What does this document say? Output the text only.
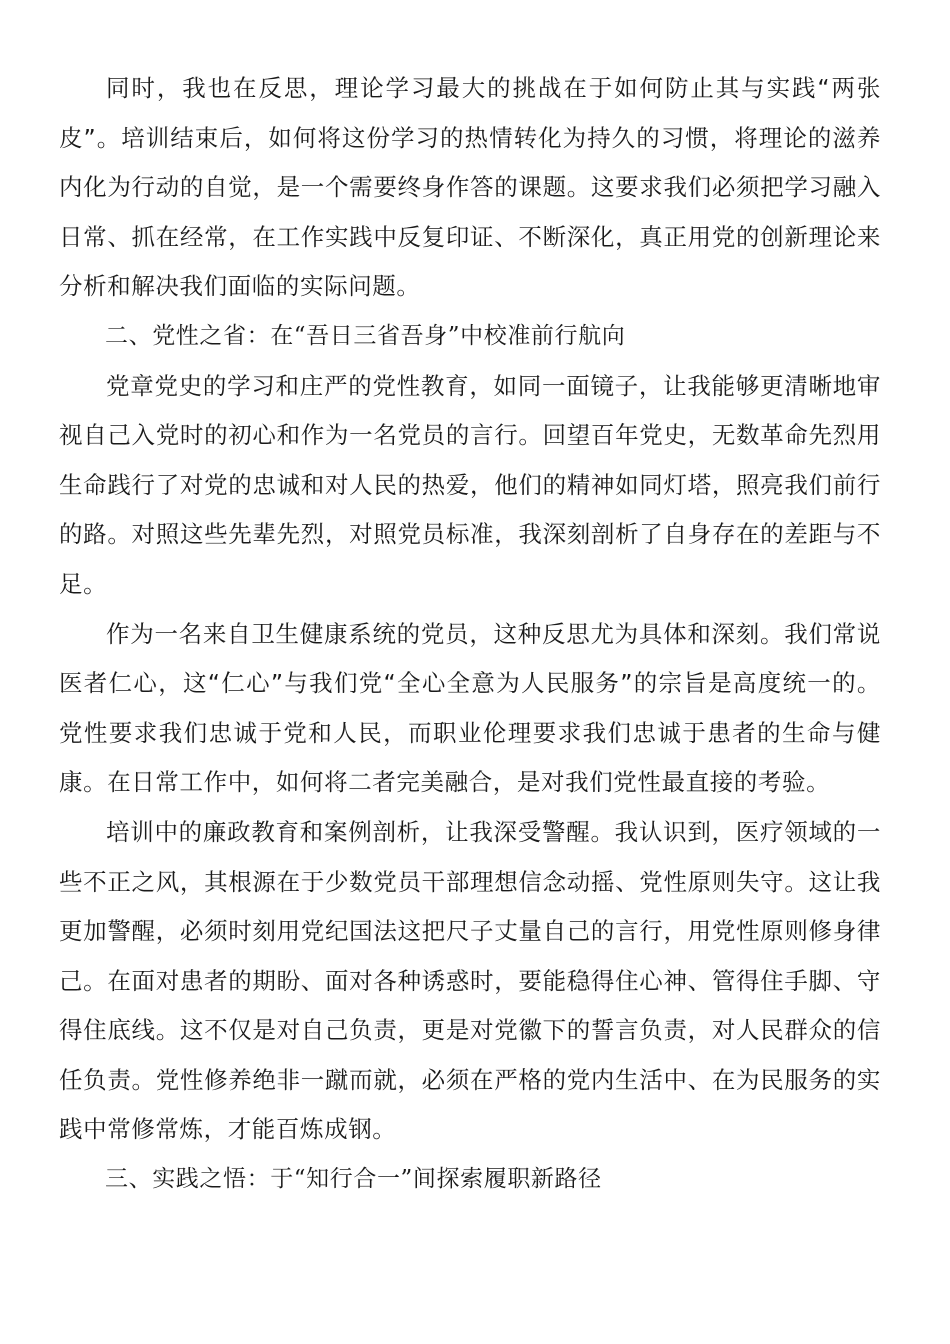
同时，我也在反思，理论学习最大的挑战在于如何防止其与实践“两张皮”。培训结束后，如何将这份学习的热情转化为持久的习惯，将理论的滋养内化为行动的自觉，是一个需要终身作答的课题。这要求我们必须把学习融入日常、抓在经常，在工作实践中反复印证、不断深化，真正用党的创新理论来分析和解决我们面临的实际问题。

二、党性之省：在“吾日三省吾身”中校准前行航向

党章党史的学习和庄严的党性教育，如同一面镜子，让我能够更清晰地审视自己入党时的初心和作为一名党员的言行。回望百年党史，无数革命先烈用生命践行了对党的忠诚和对人民的热爱，他们的精神如同灯塔，照亮我们前行的路。对照这些先辈先烈，对照党员标准，我深刻剖析了自身存在的差距与不足。

作为一名来自卫生健康系统的党员，这种反思尤为具体和深刻。我们常说医者仁心，这“仁心”与我们党“全心全意为人民服务”的宗旨是高度统一的。党性要求我们忠诚于党和人民，而职业伦理要求我们忠诚于患者的生命与健康。在日常工作中，如何将二者完美融合，是对我们党性最直接的考验。

培训中的廉政教育和案例剖析，让我深受警醒。我认识到，医疗领域的一些不正之风，其根源在于少数党员干部理想信念动摇、党性原则失守。这让我更加警醒，必须时刻用党纪国法这把尺子丈量自己的言行，用党性原则修身律己。在面对患者的期盼、面对各种诱惑时，要能稳得住心神、管得住手脚、守得住底线。这不仅是对自己负责，更是对党徽下的誓言负责，对人民群众的信任负责。党性修养绝非一蹴而就，必须在严格的党内生活中、在为民服务的实践中常修常炼，才能百炼成钢。

三、实践之悟：于“知行合一”间探索履职新路径
